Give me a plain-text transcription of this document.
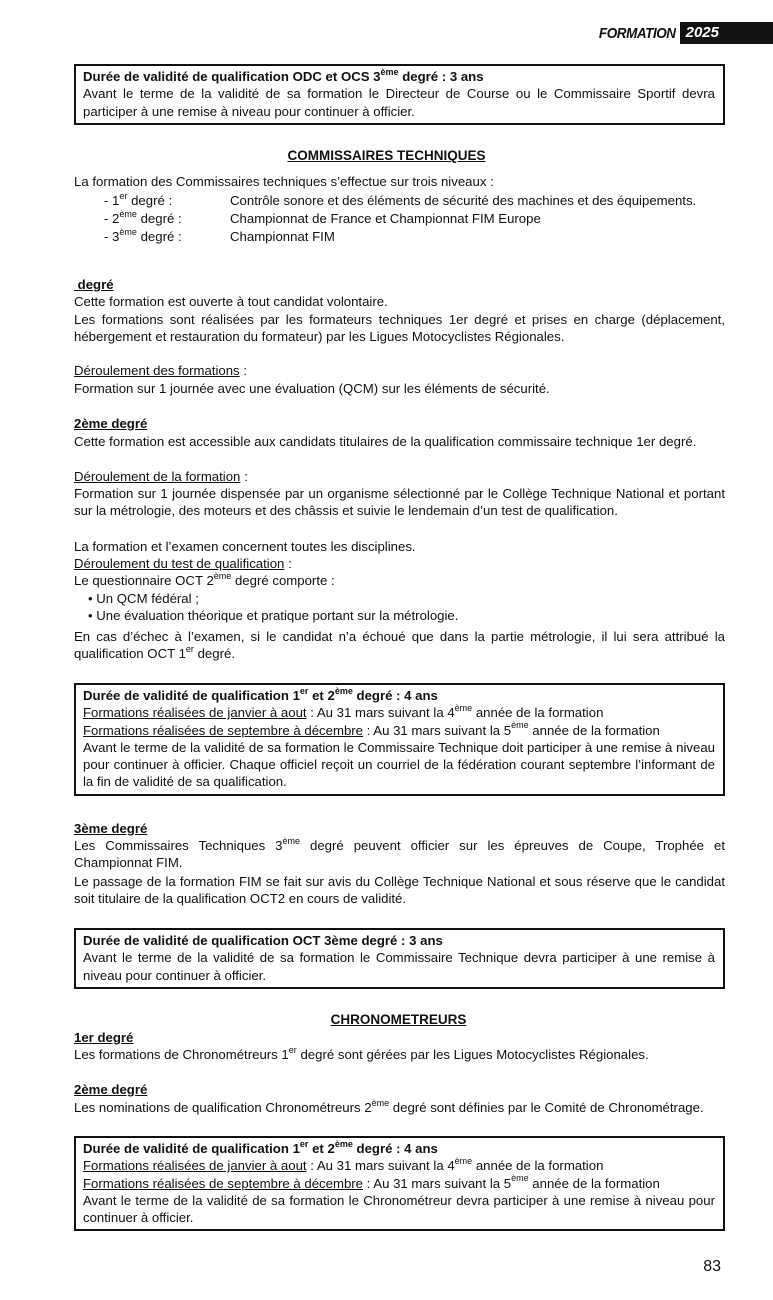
FORMATION 2025
Durée de validité de qualification ODC et OCS 3ème degré : 3 ans
Avant le terme de la validité de sa formation le Directeur de Course ou le Commissaire Sportif devra participer à une remise à niveau pour continuer à officier.
COMMISSAIRES TECHNIQUES
La formation des Commissaires techniques s’effectue sur trois niveaux :
- 1er degré :	Contrôle sonore et des éléments de sécurité des machines et des équipements.
- 2ème degré :	Championnat de France et Championnat FIM Europe
- 3ème degré :	Championnat FIM
degré
Cette formation est ouverte à tout candidat volontaire.
Les formations sont réalisées par les formateurs techniques 1er degré et prises en charge (déplacement, hébergement et restauration du formateur) par les Ligues Motocyclistes Régionales.
Déroulement des formations :
Formation sur 1 journée avec une évaluation (QCM) sur les éléments de sécurité.
2ème degré
Cette formation est accessible aux candidats titulaires de la qualification commissaire technique 1er degré.
Déroulement de la formation :
Formation sur 1 journée dispensée par un organisme sélectionné par le Collège Technique National et portant sur la métrologie, des moteurs et des châssis et suivie le lendemain d’un test de qualification.
La formation et l’examen concernent toutes les disciplines.
Déroulement du test de qualification :
Le questionnaire OCT 2ème degré comporte :
• Un QCM fédéral ;
• Une évaluation théorique et pratique portant sur la métrologie.
En cas d’échec à l’examen, si le candidat n’a échoué que dans la partie métrologie, il lui sera attribué la qualification OCT 1er degré.
Durée de validité de qualification 1er et 2ème degré : 4 ans
Formations réalisées de janvier à aout : Au 31 mars suivant la 4ème année de la formation
Formations réalisées de septembre à décembre : Au 31 mars suivant la 5ème année de la formation
Avant le terme de la validité de sa formation le Commissaire Technique doit participer à une remise à niveau pour continuer à officier. Chaque officiel reçoit un courriel de la fédération courant septembre l’informant de la fin de validité de sa qualification.
3ème degré
Les Commissaires Techniques 3ème degré peuvent officier sur les épreuves de Coupe, Trophée et Championnat FIM.
Le passage de la formation FIM se fait sur avis du Collège Technique National et sous réserve que le candidat soit titulaire de la qualification OCT2 en cours de validité.
Durée de validité de qualification OCT 3ème degré : 3 ans
Avant le terme de la validité de sa formation le Commissaire Technique devra participer à une remise à niveau pour continuer à officier.
CHRONOMETREURS
1er degré
Les formations de Chronométreurs 1er degré sont gérées par les Ligues Motocyclistes Régionales.
2ème degré
Les nominations de qualification Chronométreurs 2ème degré sont définies par le Comité de Chronométrage.
Durée de validité de qualification 1er et 2ème degré : 4 ans
Formations réalisées de janvier à aout : Au 31 mars suivant la 4ème année de la formation
Formations réalisées de septembre à décembre : Au 31 mars suivant la 5ème année de la formation
Avant le terme de la validité de sa formation le Chronométreur devra participer à une remise à niveau pour continuer à officier.
83
